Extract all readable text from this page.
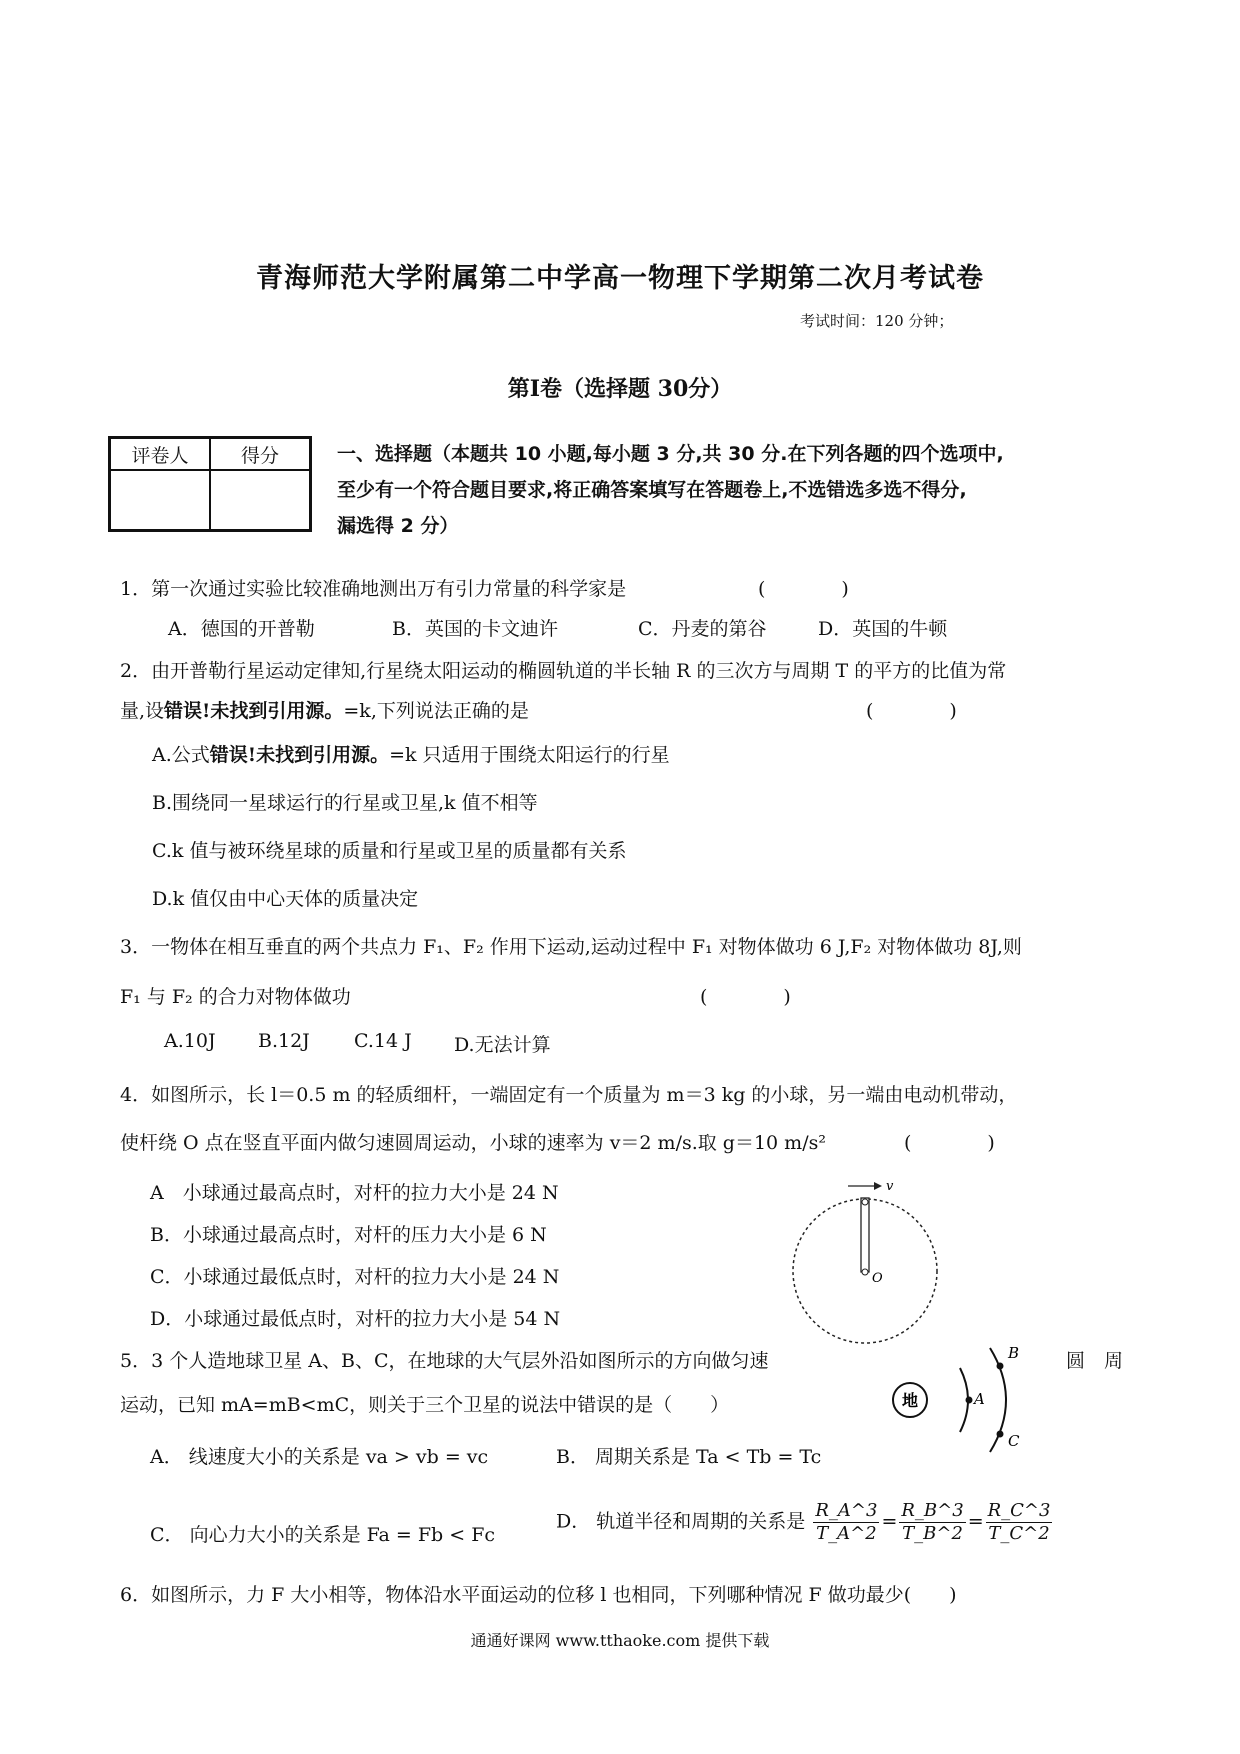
青海师范大学附属第二中学高一物理下学期第二次月考试卷
考试时间：120 分钟；
第Ⅰ卷（选择题 30分）
评卷人	得分
		一、选择题（本题共 10 小题,每小题 3 分,共 30 分.在下列各题的四个选项中,
至少有一个符合题目要求,将正确答案填写在答题卷上,不选错选多选不得分,
漏选得 2 分）
1．第一次通过实验比较准确地测出万有引力常量的科学家是	(　　　　)
A．德国的开普勒	B．英国的卡文迪许	C．丹麦的第谷	D．英国的牛顿
2．由开普勒行星运动定律知,行星绕太阳运动的椭圆轨道的半长轴 R 的三次方与周期 T 的平方的比值为常
量,设错误!未找到引用源。=k,下列说法正确的是	(　　　　)
A.公式错误!未找到引用源。=k 只适用于围绕太阳运行的行星
B.围绕同一星球运行的行星或卫星,k 值不相等
C.k 值与被环绕星球的质量和行星或卫星的质量都有关系
D.k 值仅由中心天体的质量决定
3．一物体在相互垂直的两个共点力 F₁、F₂ 作用下运动,运动过程中 F₁ 对物体做功 6 J,F₂ 对物体做功 8J,则
F₁ 与 F₂ 的合力对物体做功	(　　　　)
A.10J B.12J C.14 J D.无法计算
4．如图所示，长 l＝0.5 m 的轻质细杆，一端固定有一个质量为 m＝3 kg 的小球，另一端由电动机带动，
使杆绕 O 点在竖直平面内做匀速圆周运动，小球的速率为 v＝2 m/s.取 g＝10 m/s²	(　　　　)
A　小球通过最高点时，对杆的拉力大小是 24 N
B．小球通过最高点时，对杆的压力大小是 6 N
C．小球通过最低点时，对杆的拉力大小是 24 N
D．小球通过最低点时，对杆的拉力大小是 54 N
v
O
5．3 个人造地球卫星 A、B、C，在地球的大气层外沿如图所示的方向做匀速	圆　周
运动，已知 mA=mB<mC，则关于三个卫星的说法中错误的是（　　）	地	A
B
C
A． 线速度大小的关系是 va > vb = vc	B． 周期关系是 Ta < Tb = Tc
C． 向心力大小的关系是 Fa = Fb < Fc
D． 轨道半径和周期的关系是 $\frac{R\_A\^{}3}{T\_A\^{}2} = \frac{R\_B\^{}3}{T\_B\^{}2} = \frac{R\_C\^{}3}{T\_C\^{}2}$
6．如图所示，力 F 大小相等，物体沿水平面运动的位移 l 也相同，下列哪种情况 F 做功最少(　　)
通通好课网 www.tthaoke.com 提供下载
